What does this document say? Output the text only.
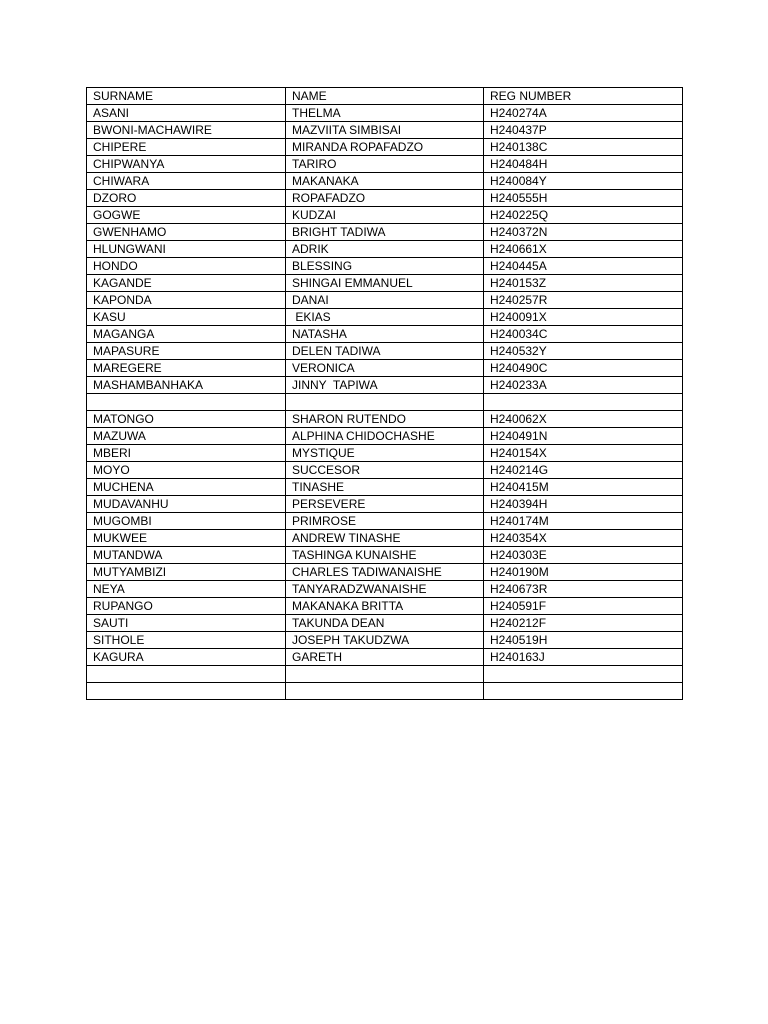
SURNAME	NAME	REG NUMBER
ASANI	THELMA	H240274A
BWONI-MACHAWIRE	MAZVIITA SIMBISAI	H240437P
CHIPERE	MIRANDA ROPAFADZO	H240138C
CHIPWANYA	TARIRO	H240484H
CHIWARA	MAKANAKA	H240084Y
DZORO	ROPAFADZO	H240555H
GOGWE	KUDZAI	H240225Q
GWENHAMO	BRIGHT TADIWA	H240372N
HLUNGWANI	ADRIK	H240661X
HONDO	BLESSING	H240445A
KAGANDE	SHINGAI EMMANUEL	H240153Z
KAPONDA	DANAI	H240257R
KASU	EKIAS	H240091X
MAGANGA	NATASHA	H240034C
MAPASURE	DELEN TADIWA	H240532Y
MAREGERE	VERONICA	H240490C
MASHAMBANHAKA	JINNY  TAPIWA	H240233A

MATONGO	SHARON RUTENDO	H240062X
MAZUWA	ALPHINA CHIDOCHASHE	H240491N
MBERI	MYSTIQUE	H240154X
MOYO	SUCCESOR	H240214G
MUCHENA	TINASHE	H240415M
MUDAVANHU	PERSEVERE	H240394H
MUGOMBI	PRIMROSE	H240174M
MUKWEE	ANDREW TINASHE	H240354X
MUTANDWA	TASHINGA KUNAISHE	H240303E
MUTYAMBIZI	CHARLES TADIWANAISHE	H240190M
NEYA	TANYARADZWANAISHE	H240673R
RUPANGO	MAKANAKA BRITTA	H240591F
SAUTI	TAKUNDA DEAN	H240212F
SITHOLE	JOSEPH TAKUDZWA	H240519H
KAGURA	GARETH	H240163J
